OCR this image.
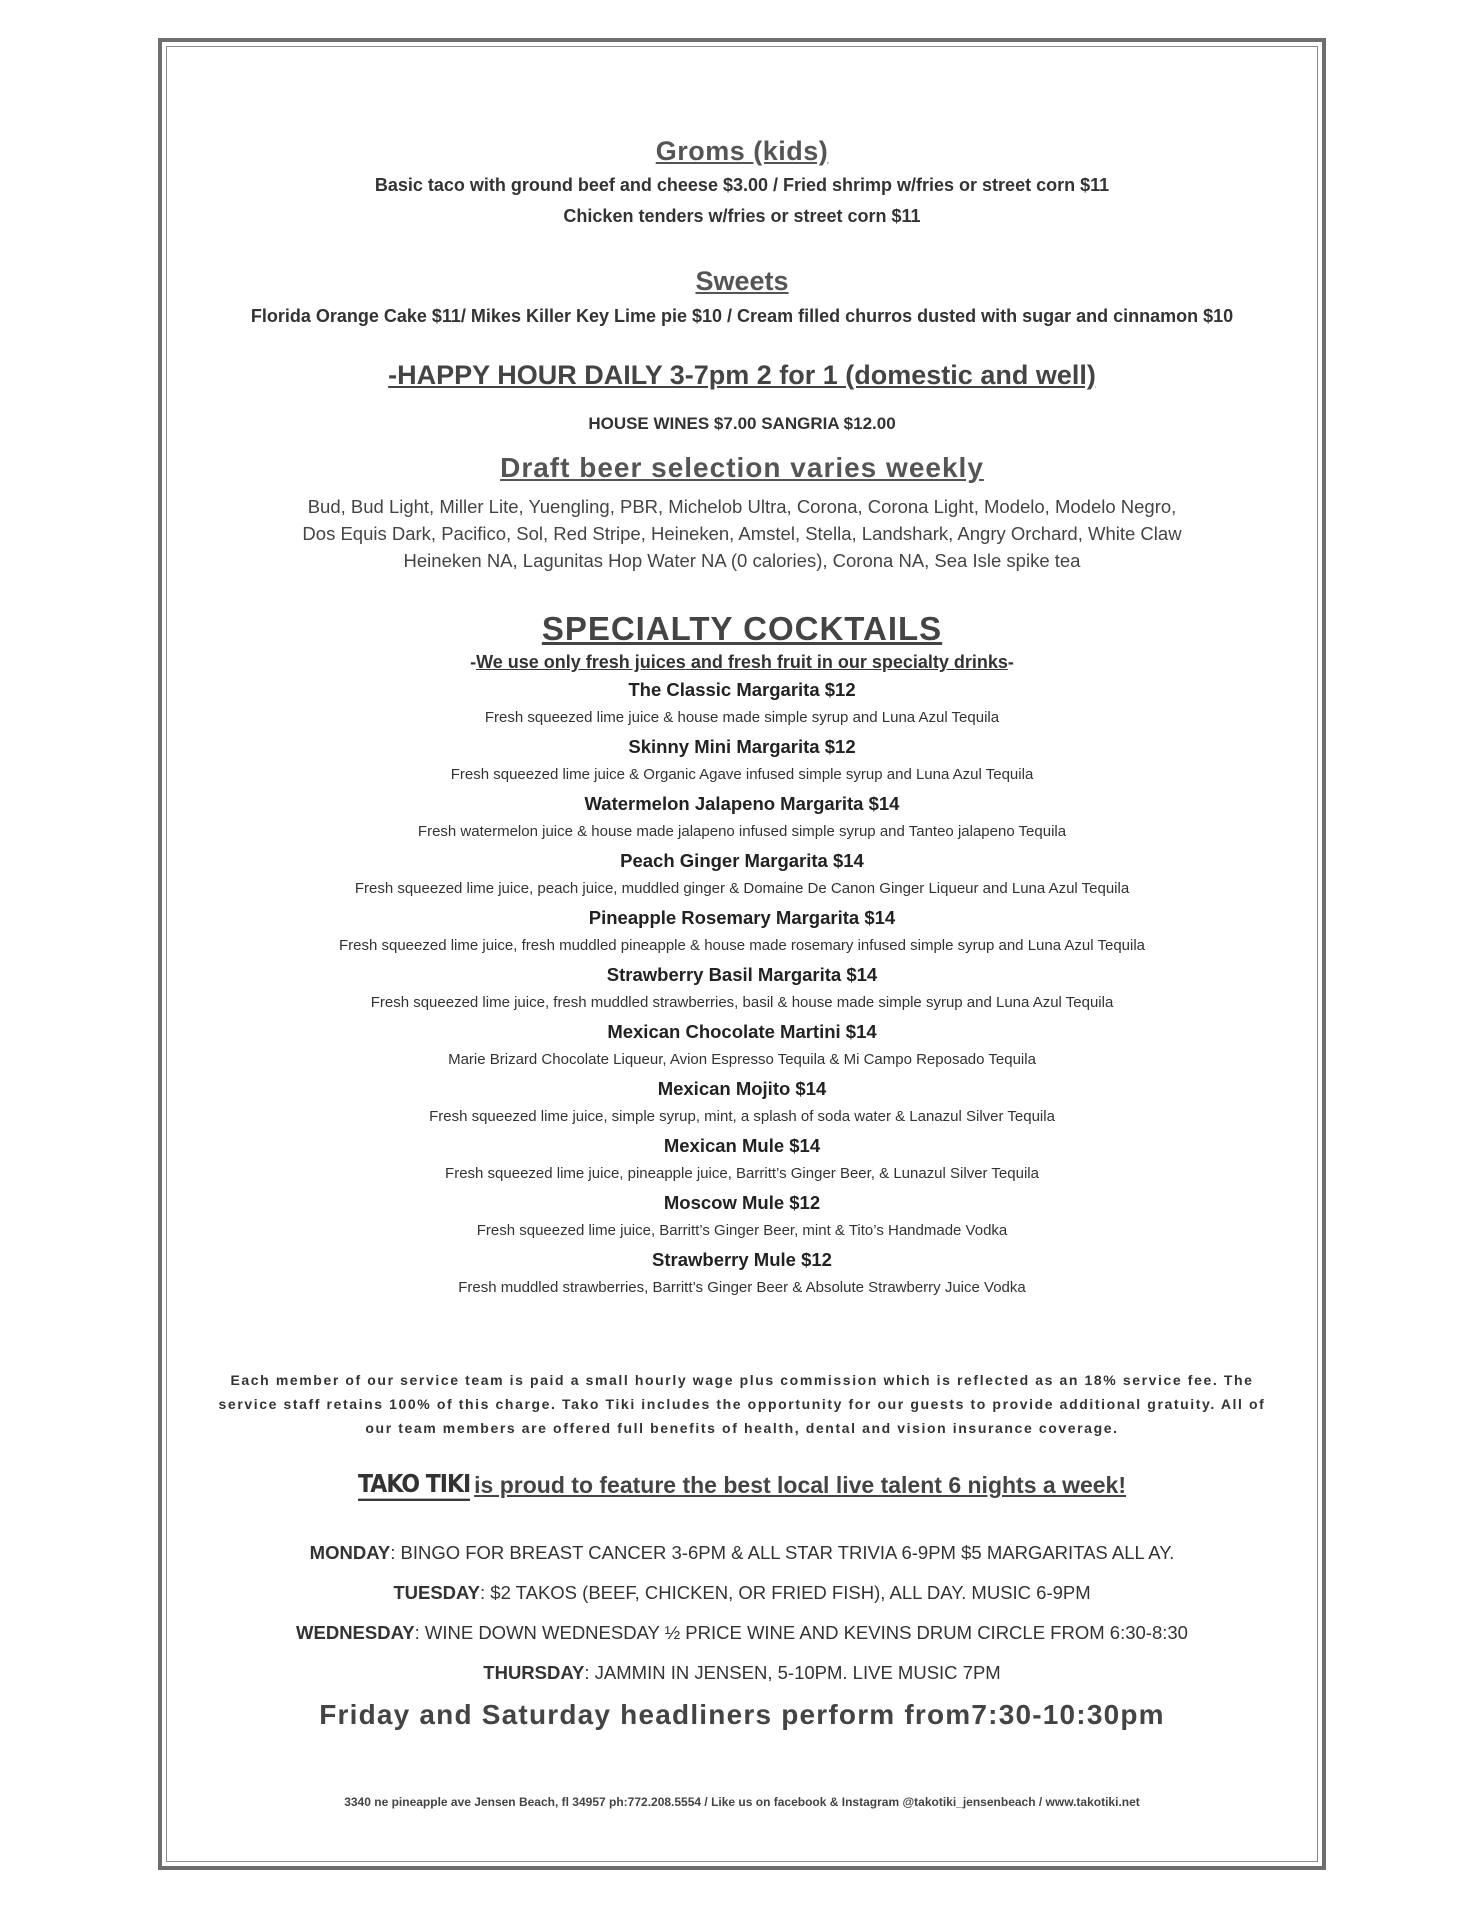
Groms (kids)
Basic taco with ground beef and cheese $3.00 / Fried shrimp w/fries or street corn $11
Chicken tenders w/fries or street corn $11
Sweets
Florida Orange Cake $11/ Mikes Killer Key Lime pie $10 / Cream filled churros dusted with sugar and cinnamon $10
-HAPPY HOUR DAILY 3-7pm 2 for 1 (domestic and well)
HOUSE WINES $7.00 SANGRIA $12.00
Draft beer selection varies weekly
Bud, Bud Light, Miller Lite, Yuengling, PBR, Michelob Ultra, Corona, Corona Light, Modelo, Modelo Negro,
Dos Equis Dark, Pacifico, Sol, Red Stripe, Heineken, Amstel, Stella, Landshark, Angry Orchard, White Claw
Heineken NA, Lagunitas Hop Water NA (0 calories), Corona NA, Sea Isle spike tea
SPECIALTY COCKTAILS
-We use only fresh juices and fresh fruit in our specialty drinks-
The Classic Margarita $12
Fresh squeezed lime juice & house made simple syrup and Luna Azul Tequila
Skinny Mini Margarita $12
Fresh squeezed lime juice & Organic Agave infused simple syrup and Luna Azul Tequila
Watermelon Jalapeno Margarita $14
Fresh watermelon juice & house made jalapeno infused simple syrup and Tanteo jalapeno Tequila
Peach Ginger Margarita $14
Fresh squeezed lime juice, peach juice, muddled ginger & Domaine De Canon Ginger Liqueur and Luna Azul Tequila
Pineapple Rosemary Margarita $14
Fresh squeezed lime juice, fresh muddled pineapple & house made rosemary infused simple syrup and Luna Azul Tequila
Strawberry Basil Margarita $14
Fresh squeezed lime juice, fresh muddled strawberries, basil & house made simple syrup and Luna Azul Tequila
Mexican Chocolate Martini $14
Marie Brizard Chocolate Liqueur, Avion Espresso Tequila & Mi Campo Reposado Tequila
Mexican Mojito $14
Fresh squeezed lime juice, simple syrup, mint, a splash of soda water & Lanazul Silver Tequila
Mexican Mule $14
Fresh squeezed lime juice, pineapple juice, Barritt’s Ginger Beer, & Lunazul Silver Tequila
Moscow Mule $12
Fresh squeezed lime juice, Barritt’s Ginger Beer, mint & Tito’s Handmade Vodka
Strawberry Mule $12
Fresh muddled strawberries, Barritt’s Ginger Beer & Absolute Strawberry Juice Vodka
Each member of our service team is paid a small hourly wage plus commission which is reflected as an 18% service fee. The
service staff retains 100% of this charge. Tako Tiki includes the opportunity for our guests to provide additional gratuity. All of
our team members are offered full benefits of health, dental and vision insurance coverage.
TAKO TIKI is proud to feature the best local live talent 6 nights a week!
MONDAY: BINGO FOR BREAST CANCER 3-6PM & ALL STAR TRIVIA 6-9PM $5 MARGARITAS ALL AY.
TUESDAY: $2 TAKOS (BEEF, CHICKEN, OR FRIED FISH), ALL DAY. MUSIC 6-9PM
WEDNESDAY: WINE DOWN WEDNESDAY ½ PRICE WINE AND KEVINS DRUM CIRCLE FROM 6:30-8:30
THURSDAY: JAMMIN IN JENSEN, 5-10PM. LIVE MUSIC 7PM
Friday and Saturday headliners perform from7:30-10:30pm
3340 ne pineapple ave Jensen Beach, fl 34957 ph:772.208.5554 / Like us on facebook & Instagram @takotiki_jensenbeach / www.takotiki.net
